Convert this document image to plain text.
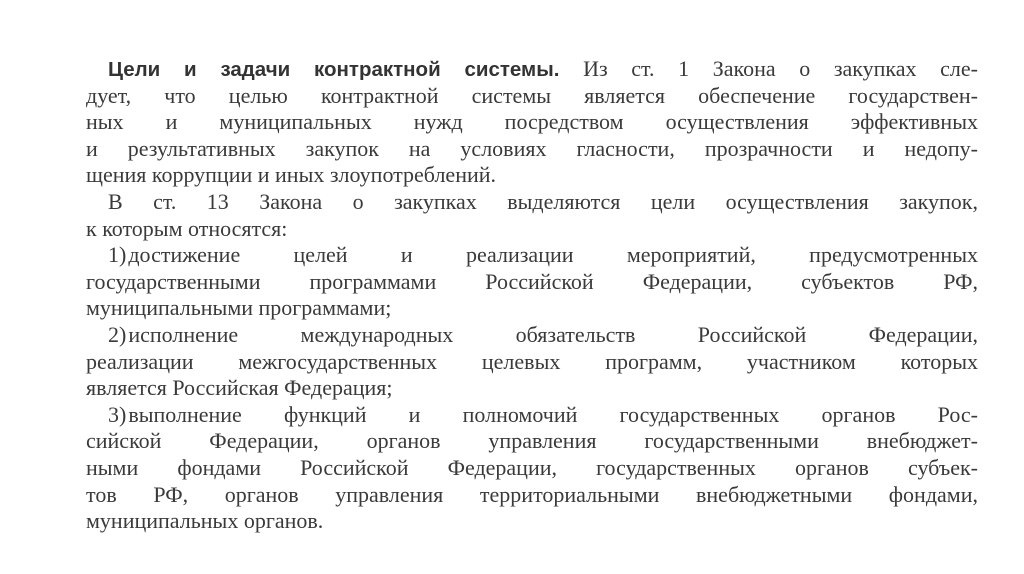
Цели и задачи контрактной системы. Из ст. 1 Закона о закупках сле-
дует, что целью контрактной системы является обеспечение государствен-
ных и муниципальных нужд посредством осуществления эффективных
и результативных закупок на условиях гласности, прозрачности и недопу-
щения коррупции и иных злоупотреблений.
В ст. 13 Закона о закупках выделяются цели осуществления закупок,
к которым относятся:
1)достижение целей и реализации мероприятий, предусмотренных
государственными программами Российской Федерации, субъектов РФ,
муниципальными программами;
2)исполнение международных обязательств Российской Федерации,
реализации межгосударственных целевых программ, участником которых
является Российская Федерация;
3)выполнение функций и полномочий государственных органов Рос-
сийской Федерации, органов управления государственными внебюджет-
ными фондами Российской Федерации, государственных органов субъек-
тов РФ, органов управления территориальными внебюджетными фондами,
муниципальных органов.
